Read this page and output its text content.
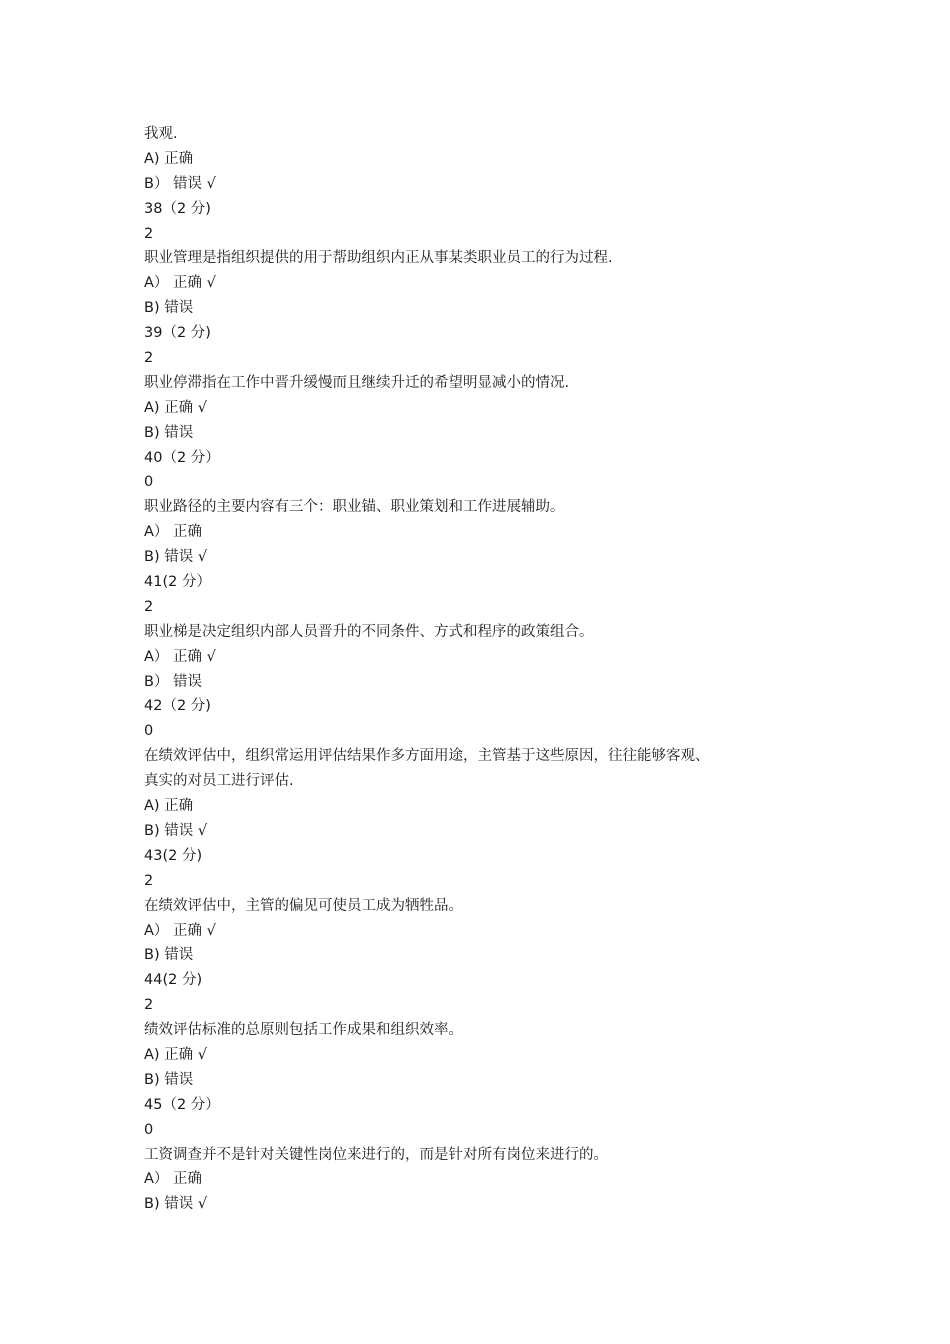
我观.
A) 正确
B） 错误 √
38（2 分)
2
职业管理是指组织提供的用于帮助组织内正从事某类职业员工的行为过程.
A） 正确 √
B) 错误
39（2 分)
2
职业停滞指在工作中晋升缓慢而且继续升迁的希望明显减小的情况.
A) 正确 √
B) 错误
40（2 分）
0
职业路径的主要内容有三个：职业锚、职业策划和工作进展辅助。
A） 正确
B) 错误 √
41(2 分）
2
职业梯是决定组织内部人员晋升的不同条件、方式和程序的政策组合。
A） 正确 √
B） 错误
42（2 分)
0
在绩效评估中，组织常运用评估结果作多方面用途，主管基于这些原因，往往能够客观、
真实的对员工进行评估.
A) 正确
B) 错误 √
43(2 分)
2
在绩效评估中，主管的偏见可使员工成为牺牲品。
A） 正确 √
B) 错误
44(2 分)
2
绩效评估标准的总原则包括工作成果和组织效率。
A) 正确 √
B) 错误
45（2 分）
0
工资调查并不是针对关键性岗位来进行的，而是针对所有岗位来进行的。
A） 正确
B) 错误 √
